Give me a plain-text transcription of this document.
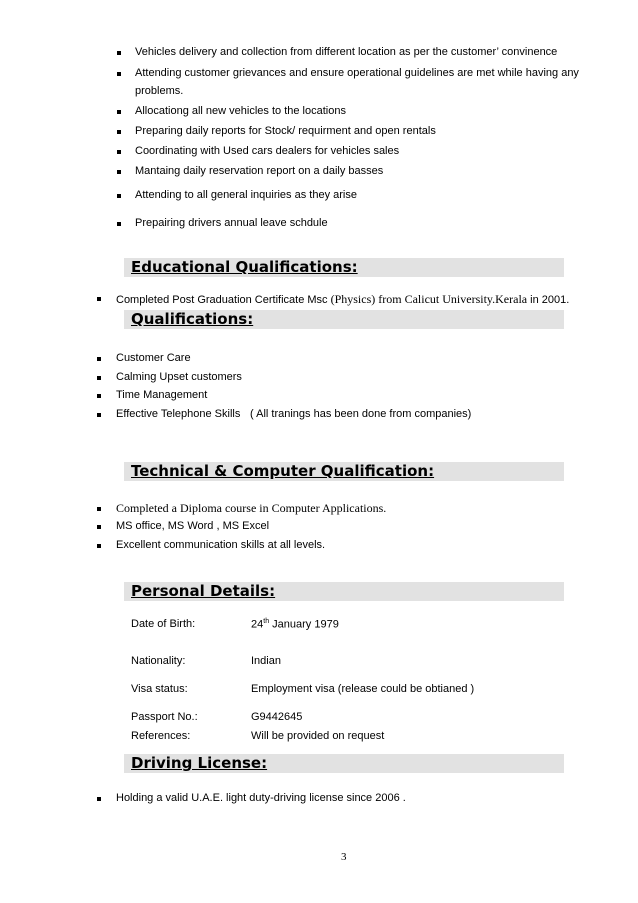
Vehicles delivery and collection from different location as per the customer’ convinence
Attending customer grievances and ensure operational guidelines are met while having any
problems.
Allocationg all new vehicles to the locations
Preparing daily reports for Stock/ requirment and open rentals
Coordinating with Used cars dealers for vehicles sales
Mantaing daily reservation report on a daily basses
Attending to all general inquiries as they arise
Prepairing drivers annual leave schdule
Educational Qualifications:
Completed Post Graduation Certificate Msc (Physics) from Calicut University.Kerala in 2001.
Qualifications:
Customer Care
Calming Upset customers
Time Management
Effective Telephone Skills ( All tranings has been done from companies)
Technical & Computer Qualification:
Completed a Diploma course in Computer Applications.
MS office, MS Word , MS Excel
Excellent communication skills at all levels.
Personal Details:
Date of Birth:	24th January 1979
Nationality:	Indian
Visa status:	Employment visa (release could be obtianed )
Passport No.:	G9442645
References:	Will be provided on request
Driving License:
Holding a valid U.A.E. light duty-driving license since 2006 .
3
